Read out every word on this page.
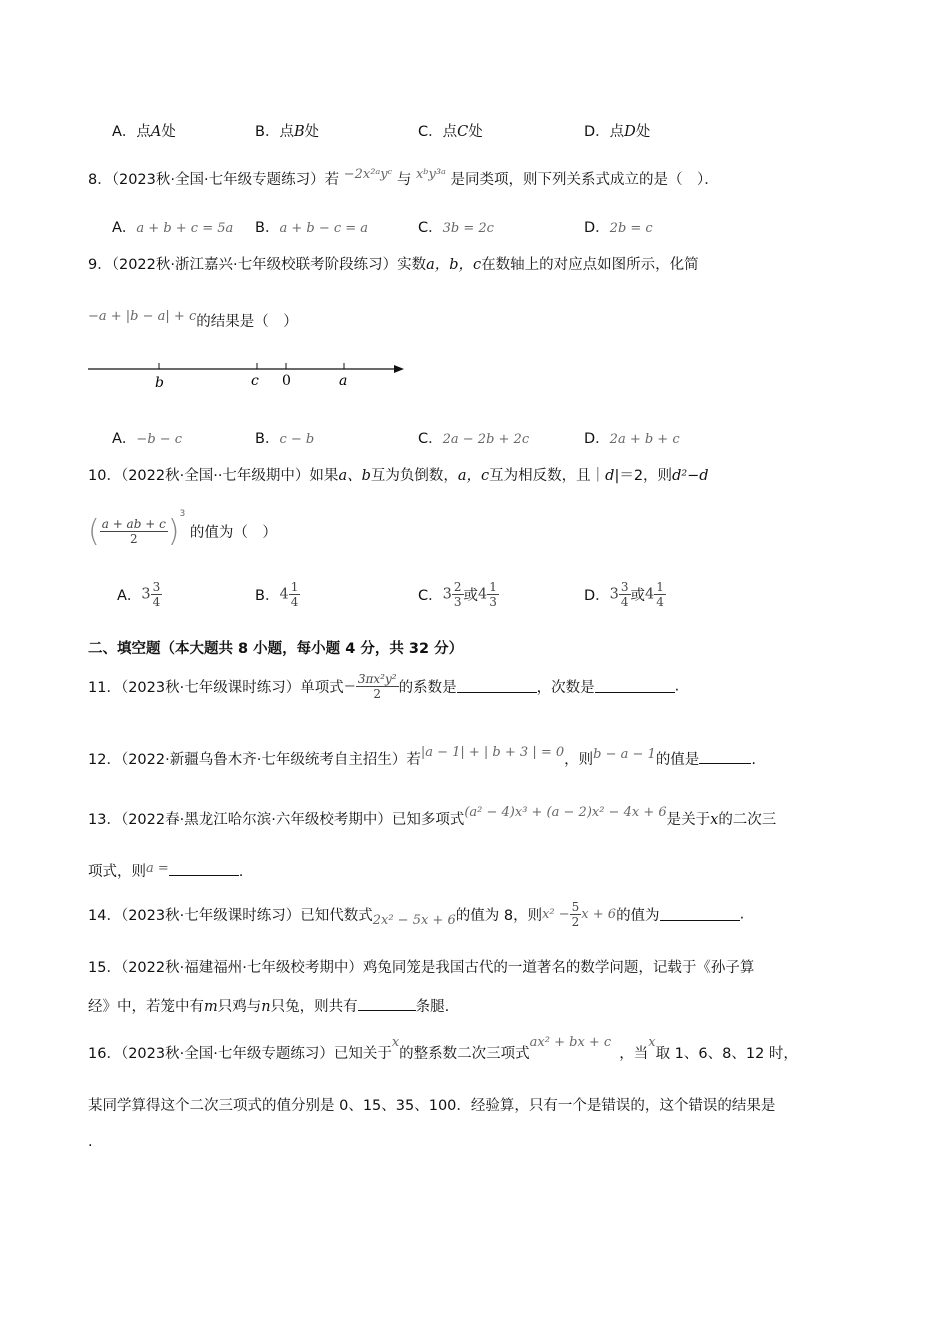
A．点A处	B．点B处	C．点C处	D．点D处
8．（2023秋·全国·七年级专题练习）若 −2x²ᵃyᶜ 与 xᵇy³ᵃ 是同类项，则下列关系式成立的是（　）．
A．a + b + c = 5a B．a + b − c = a	C．3b = 2c	D．2b = c
9．（2022秋·浙江嘉兴·七年级校联考阶段练习）实数a，b，c在数轴上的对应点如图所示，化简
−a + |b − a| + c的结果是（　）
b	c 0	a
A．−b − c	B．c − b	C．2a − 2b + 2c	D．2a + b + c
10．（2022秋·全国··七年级期中）如果a、b互为负倒数，a，c互为相反数，且｜d|＝2，则d²−d
( $\frac{a + ab + c}{2} )^3$ 的值为（　）
A．$3 \frac{3}{4}$	B．$4 \frac{1}{4}$	C．$3 \frac{2}{3}$ 或$4 \frac{1}{3}$	D．$3 \frac{3}{4}$ 或$4 \frac{1}{4}$
二、填空题（本大题共 8 小题，每小题 4 分，共 32 分）
11．（2023秋·七年级课时练习）单项式− $\frac{\text{3πx²y²}}{2}$ 的系数是	，次数是	.
12．（2022·新疆乌鲁木齐·七年级统考自主招生）若|a − 1| + | b + 3 | = 0，则b − a − 1的值是	.
13．（2022春·黑龙江哈尔滨·六年级校考期中）已知多项式(a² − 4)x³ + (a − 2)x² − 4x + 6是关于x的二次三
项式，则a =	.
14．（2023秋·七年级课时练习）已知代数式2x² − 5x + 6的值为 8，则$x^2 - \frac{5}{2}$ x + 6的值为	.
15．（2022秋·福建福州·七年级校考期中）鸡兔同笼是我国古代的一道著名的数学问题，记载于《孙子算
经》中，若笼中有m只鸡与n只兔，则共有	条腿.
16．（2023秋·全国·七年级专题练习）已知关于x的整系数二次三项式ax² + bx + c，当x取 1、6、8、12 时，
某同学算得这个二次三项式的值分别是 0、15、35、100．经验算，只有一个是错误的，这个错误的结果是
.
